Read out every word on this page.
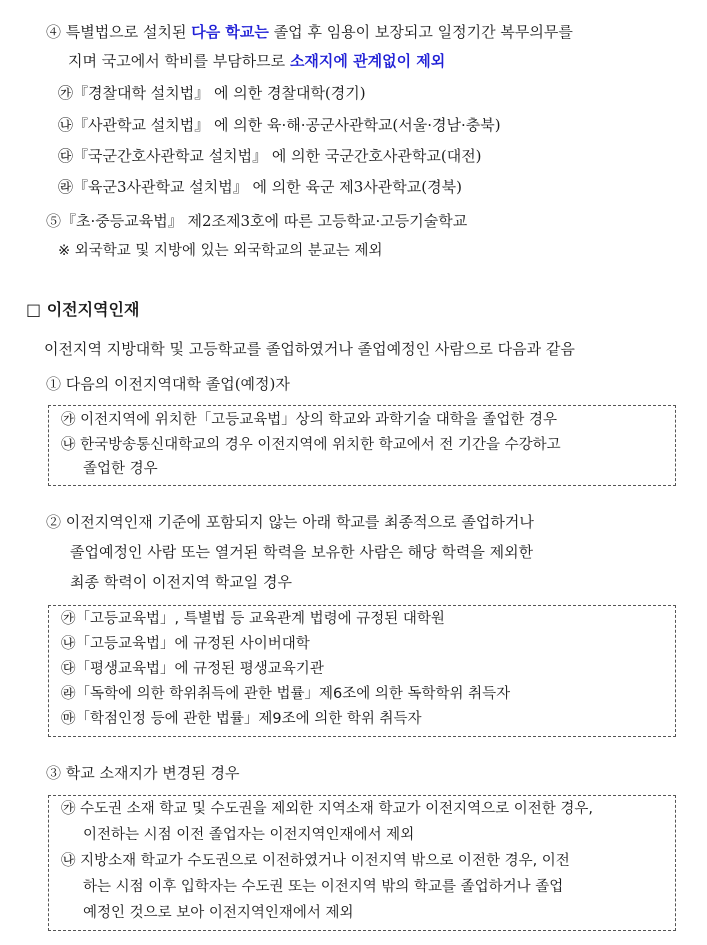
④ 특별법으로 설치된 다음 학교는 졸업 후 임용이 보장되고 일정기간 복무의무를
지며 국고에서 학비를 부담하므로 소재지에 관계없이 제외
㉮『경찰대학 설치법』 에 의한 경찰대학(경기)
㉯『사관학교 설치법』 에 의한 육·해·공군사관학교(서울·경남·충북)
㉰『국군간호사관학교 설치법』 에 의한 국군간호사관학교(대전)
㉱『육군3사관학교 설치법』 에 의한 육군 제3사관학교(경북)
⑤『초·중등교육법』 제2조제3호에 따른 고등학교·고등기술학교
※ 외국학교 및 지방에 있는 외국학교의 분교는 제외
□ 이전지역인재
이전지역 지방대학 및 고등학교를 졸업하였거나 졸업예정인 사람으로 다음과 같음
① 다음의 이전지역대학 졸업(예정)자
㉮ 이전지역에 위치한「고등교육법」상의 학교와 과학기술 대학을 졸업한 경우
㉯ 한국방송통신대학교의 경우 이전지역에 위치한 학교에서 전 기간을 수강하고
졸업한 경우
② 이전지역인재 기준에 포함되지 않는 아래 학교를 최종적으로 졸업하거나
졸업예정인 사람 또는 열거된 학력을 보유한 사람은 해당 학력을 제외한
최종 학력이 이전지역 학교일 경우
㉮「고등교육법」, 특별법 등 교육관계 법령에 규정된 대학원
㉯「고등교육법」에 규정된 사이버대학
㉰「평생교육법」에 규정된 평생교육기관
㉱「독학에 의한 학위취득에 관한 법률」제6조에 의한 독학학위 취득자
㉲「학점인정 등에 관한 법률」제9조에 의한 학위 취득자
③ 학교 소재지가 변경된 경우
㉮ 수도권 소재 학교 및 수도권을 제외한 지역소재 학교가 이전지역으로 이전한 경우,
이전하는 시점 이전 졸업자는 이전지역인재에서 제외
㉯ 지방소재 학교가 수도권으로 이전하였거나 이전지역 밖으로 이전한 경우, 이전
하는 시점 이후 입학자는 수도권 또는 이전지역 밖의 학교를 졸업하거나 졸업
예정인 것으로 보아 이전지역인재에서 제외
